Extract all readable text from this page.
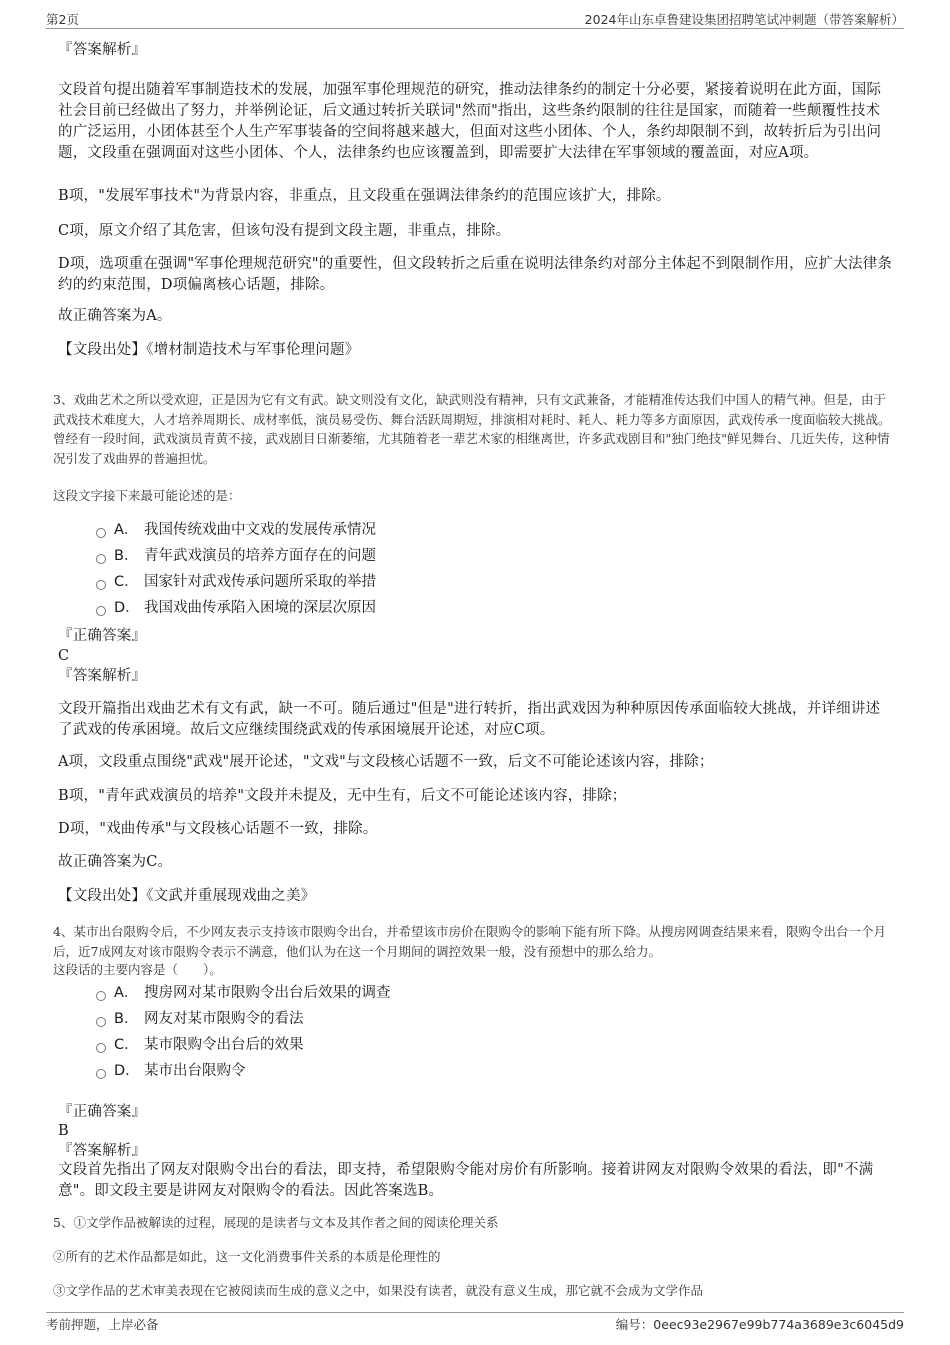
第2页	2024年山东卓鲁建设集团招聘笔试冲刺题（带答案解析）

『答案解析』

文段首句提出随着军事制造技术的发展，加强军事伦理规范的研究，推动法律条约的制定十分必要，紧接着说明在此方面，国际社会目前已经做出了努力，并举例论证，后文通过转折关联词"然而"指出，这些条约限制的往往是国家，而随着一些颠覆性技术的广泛运用，小团体甚至个人生产军事装备的空间将越来越大，但面对这些小团体、个人，条约却限制不到，故转折后为引出问题，文段重在强调面对这些小团体、个人，法律条约也应该覆盖到，即需要扩大法律在军事领域的覆盖面，对应A项。

B项，"发展军事技术"为背景内容，非重点，且文段重在强调法律条约的范围应该扩大，排除。

C项，原文介绍了其危害，但该句没有提到文段主题，非重点，排除。

D项，选项重在强调"军事伦理规范研究"的重要性，但文段转折之后重在说明法律条约对部分主体起不到限制作用，应扩大法律条约的约束范围，D项偏离核心话题，排除。

故正确答案为A。

【文段出处】《增材制造技术与军事伦理问题》

3、戏曲艺术之所以受欢迎，正是因为它有文有武。缺文则没有文化，缺武则没有精神，只有文武兼备，才能精准传达我们中国人的精气神。但是，由于武戏技术难度大，人才培养周期长、成材率低，演员易受伤、舞台活跃周期短，排演相对耗时、耗人、耗力等多方面原因，武戏传承一度面临较大挑战。曾经有一段时间，武戏演员青黄不接，武戏剧目日渐萎缩，尤其随着老一辈艺术家的相继离世，许多武戏剧目和"独门绝技"鲜见舞台、几近失传，这种情况引发了戏曲界的普遍担忧。

这段文字接下来最可能论述的是：

A． 我国传统戏曲中文戏的发展传承情况
B． 青年武戏演员的培养方面存在的问题
C． 国家针对武戏传承问题所采取的举措
D． 我国戏曲传承陷入困境的深层次原因

『正确答案』

C

『答案解析』

文段开篇指出戏曲艺术有文有武，缺一不可。随后通过"但是"进行转折，指出武戏因为种种原因传承面临较大挑战，并详细讲述了武戏的传承困境。故后文应继续围绕武戏的传承困境展开论述，对应C项。

A项，文段重点围绕"武戏"展开论述，"文戏"与文段核心话题不一致，后文不可能论述该内容，排除；

B项，"青年武戏演员的培养"文段并未提及，无中生有，后文不可能论述该内容，排除；

D项，"戏曲传承"与文段核心话题不一致，排除。

故正确答案为C。

【文段出处】《文武并重展现戏曲之美》

4、某市出台限购令后，不少网友表示支持该市限购令出台，并希望该市房价在限购令的影响下能有所下降。从搜房网调查结果来看，限购令出台一个月后，近7成网友对该市限购令表示不满意，他们认为在这一个月期间的调控效果一般，没有预想中的那么给力。

这段话的主要内容是（　　）。

A． 搜房网对某市限购令出台后效果的调查
B． 网友对某市限购令的看法
C． 某市限购令出台后的效果
D． 某市出台限购令

『正确答案』

B

『答案解析』

文段首先指出了网友对限购令出台的看法，即支持，希望限购令能对房价有所影响。接着讲网友对限购令效果的看法，即"不满意"。即文段主要是讲网友对限购令的看法。因此答案选B。

5、①文学作品被解读的过程，展现的是读者与文本及其作者之间的阅读伦理关系

②所有的艺术作品都是如此，这一文化消费事件关系的本质是伦理性的

③文学作品的艺术审美表现在它被阅读而生成的意义之中，如果没有读者，就没有意义生成，那它就不会成为文学作品

考前押题，上岸必备	编号：0eec93e2967e99b774a3689e3c6045d9
